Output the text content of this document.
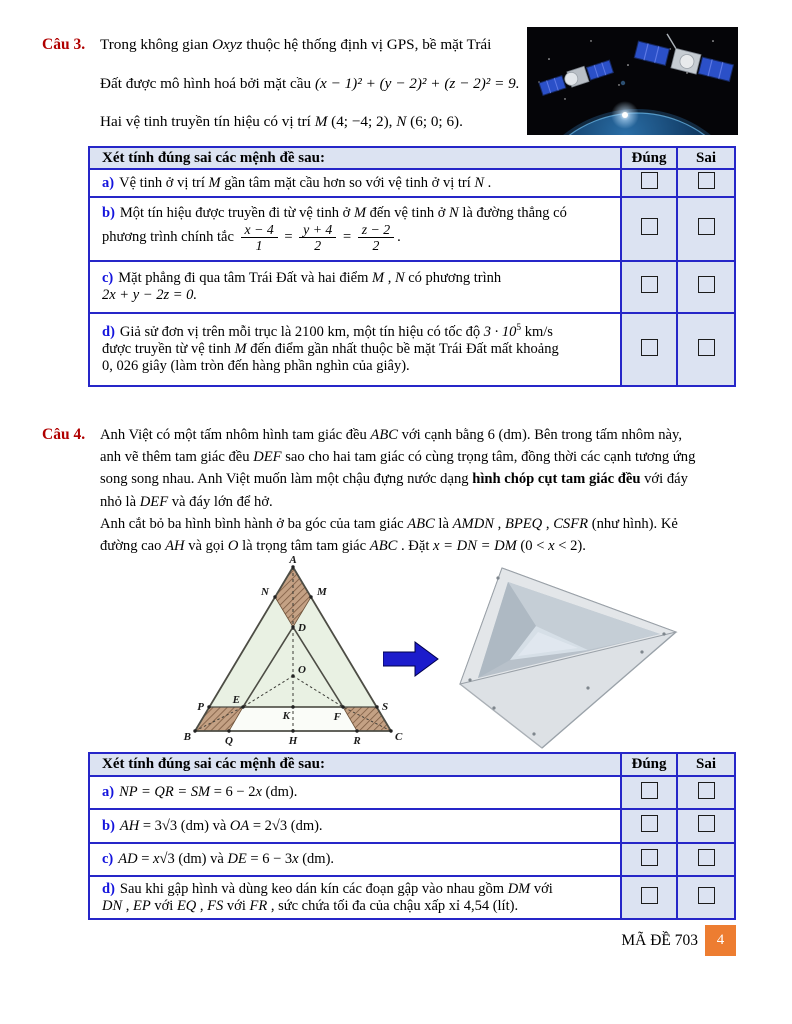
Câu 3. Trong không gian Oxyz thuộc hệ thống định vị GPS, bề mặt Trái
Đất được mô hình hoá bởi mặt cầu (x − 1)² + (y − 2)² + (z − 2)² = 9.
Hai vệ tinh truyền tín hiệu có vị trí M (4; −4; 2), N (6; 0; 6).
Xét tính đúng sai các mệnh đề sau:	Đúng	Sai
a) Vệ tinh ở vị trí M gần tâm mặt cầu hơn so với vệ tinh ở vị trí N .		
b) Một tín hiệu được truyền đi từ vệ tinh ở M đến vệ tinh ở N là đường thẳng có
phương trình chính tắc $\frac{x - 4}{1} = \frac{y + 4}{2} = \frac{z - 2}{2}$ .		
c) Mặt phẳng đi qua tâm Trái Đất và hai điểm M , N có phương trình
2x + y − 2z = 0.		
d) Giả sử đơn vị trên mỗi trục là 2100 km, một tín hiệu có tốc độ $3 \cdot 10^5$ km/s
được truyền từ vệ tinh M đến điểm gần nhất thuộc bề mặt Trái Đất mất khoảng
0, 026 giây (làm tròn đến hàng phần nghìn của giây).		
Câu 4. Anh Việt có một tấm nhôm hình tam giác đều ABC với cạnh bằng 6 (dm). Bên trong tấm nhôm này,
anh vẽ thêm tam giác đều DEF sao cho hai tam giác có cùng trọng tâm, đồng thời các cạnh tương ứng
song song nhau. Anh Việt muốn làm một chậu đựng nước dạng hình chóp cụt tam giác đều với đáy
nhỏ là DEF và đáy lớn để hở.
Anh cắt bỏ ba hình bình hành ở ba góc của tam giác ABC là AMDN , BPEQ , CSFR (như hình). Kẻ
đường cao AH và gọi O là trọng tâm tam giác ABC . Đặt x = DN = DM (0 < x < 2).
A
N	M
D
O
P
E
K	F
S
B	Q	H	R	C
Xét tính đúng sai các mệnh đề sau:	Đúng	Sai
a) NP = QR = SM = 6 − 2x (dm).		
b) AH = 3√3 (dm) và OA = 2√3 (dm).		
c) AD = x√3 (dm) và DE = 6 − 3x (dm).		
d) Sau khi gập hình và dùng keo dán kín các đoạn gập vào nhau gồm DM với
DN , EP với EQ , FS với FR , sức chứa tối đa của chậu xấp xỉ 4,54 (lít).		
MÃ ĐỀ 703	4
